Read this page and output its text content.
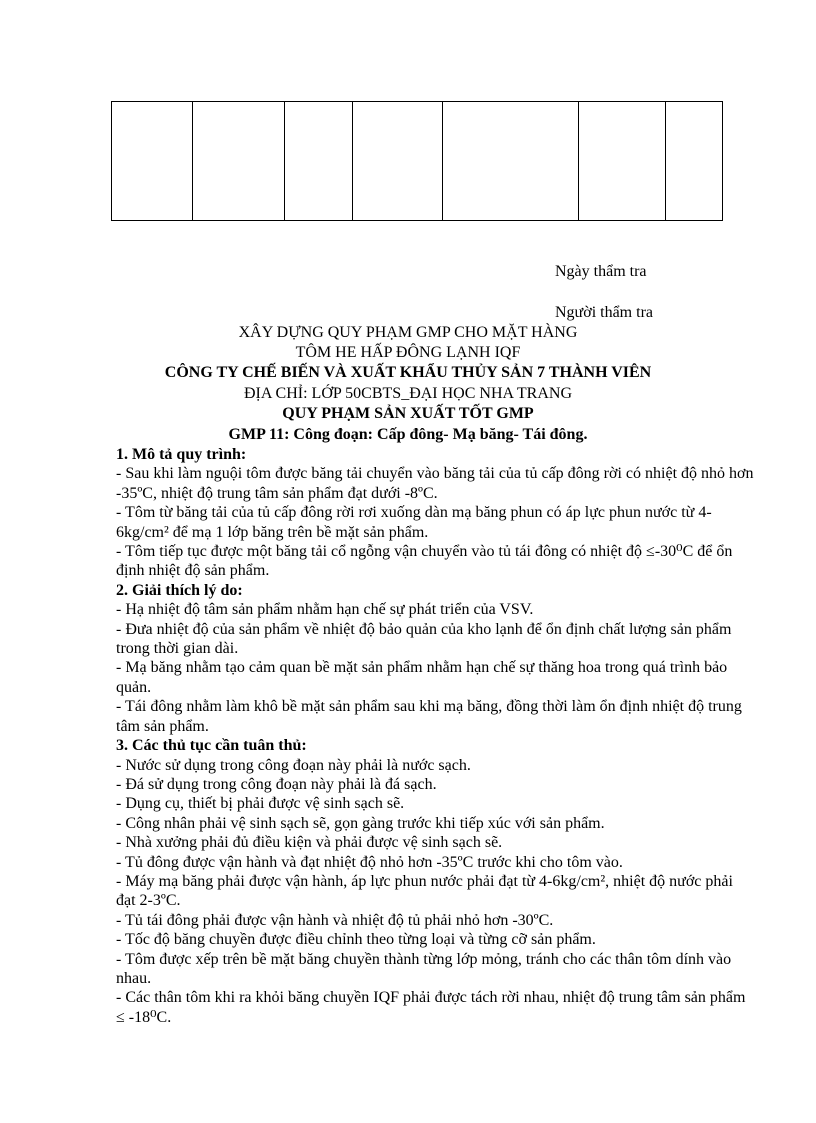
Ngày thẩm tra
Người thẩm tra
XÂY DỰNG QUY PHẠM GMP CHO MẶT HÀNG
TÔM HE HẤP ĐÔNG LẠNH IQF
CÔNG TY CHẾ BIẾN VÀ XUẤT KHẨU THỦY SẢN 7 THÀNH VIÊN
ĐỊA CHỈ: LỚP 50CBTS_ĐẠI HỌC NHA TRANG
QUY PHẠM SẢN XUẤT TỐT GMP
GMP 11: Công đoạn: Cấp đông- Mạ băng- Tái đông.

1. Mô tả quy trình:

- Sau khi làm nguội tôm được băng tải chuyển vào băng tải của tủ cấp đông rời có nhiệt độ nhỏ hơn -35ºC, nhiệt độ trung tâm sản phẩm đạt dưới -8ºC.

- Tôm từ băng tải của tủ cấp đông rời rơi xuống dàn mạ băng phun có áp lực phun nước từ 4-6kg/cm² để mạ 1 lớp băng trên bề mặt sản phẩm.

- Tôm tiếp tục được một băng tải cổ ngỗng vận chuyển vào tủ tái đông có nhiệt độ ≤-30⁰C để ổn định nhiệt độ sản phẩm.

2. Giải thích lý do:

- Hạ nhiệt độ tâm sản phẩm nhằm hạn chế sự phát triển của VSV.

- Đưa nhiệt độ của sản phẩm về nhiệt độ bảo quản của kho lạnh để ổn định chất lượng sản phẩm trong thời gian dài.

- Mạ băng nhằm tạo cảm quan bề mặt sản phẩm nhằm hạn chế sự thăng hoa trong quá trình bảo quản.

- Tái đông nhằm làm khô bề mặt sản phẩm sau khi mạ băng, đồng thời làm ổn định nhiệt độ trung tâm sản phẩm.

3. Các thủ tục cần tuân thủ:

- Nước sử dụng trong công đoạn này phải là nước sạch.

- Đá sử dụng trong công đoạn này phải là đá sạch.

- Dụng cụ, thiết bị phải được vệ sinh sạch sẽ.

- Công nhân phải vệ sinh sạch sẽ, gọn gàng trước khi tiếp xúc với sản phẩm.

- Nhà xưởng phải đủ điều kiện và phải được vệ sinh sạch sẽ.

- Tủ đông được vận hành và đạt nhiệt độ nhỏ hơn -35ºC trước khi cho tôm vào.

- Máy mạ băng phải được vận hành, áp lực phun nước phải đạt từ 4-6kg/cm², nhiệt độ nước phải đạt 2-3ºC.

- Tủ tái đông phải được vận hành và nhiệt độ tủ phải nhỏ hơn -30ºC.

- Tốc độ băng chuyền được điều chỉnh theo từng loại và từng cỡ sản phẩm.

- Tôm được xếp trên bề mặt băng chuyền thành từng lớp mỏng, tránh cho các thân tôm dính vào nhau.

- Các thân tôm khi ra khỏi băng chuyền IQF phải được tách rời nhau, nhiệt độ trung tâm sản phẩm ≤ -18⁰C.
